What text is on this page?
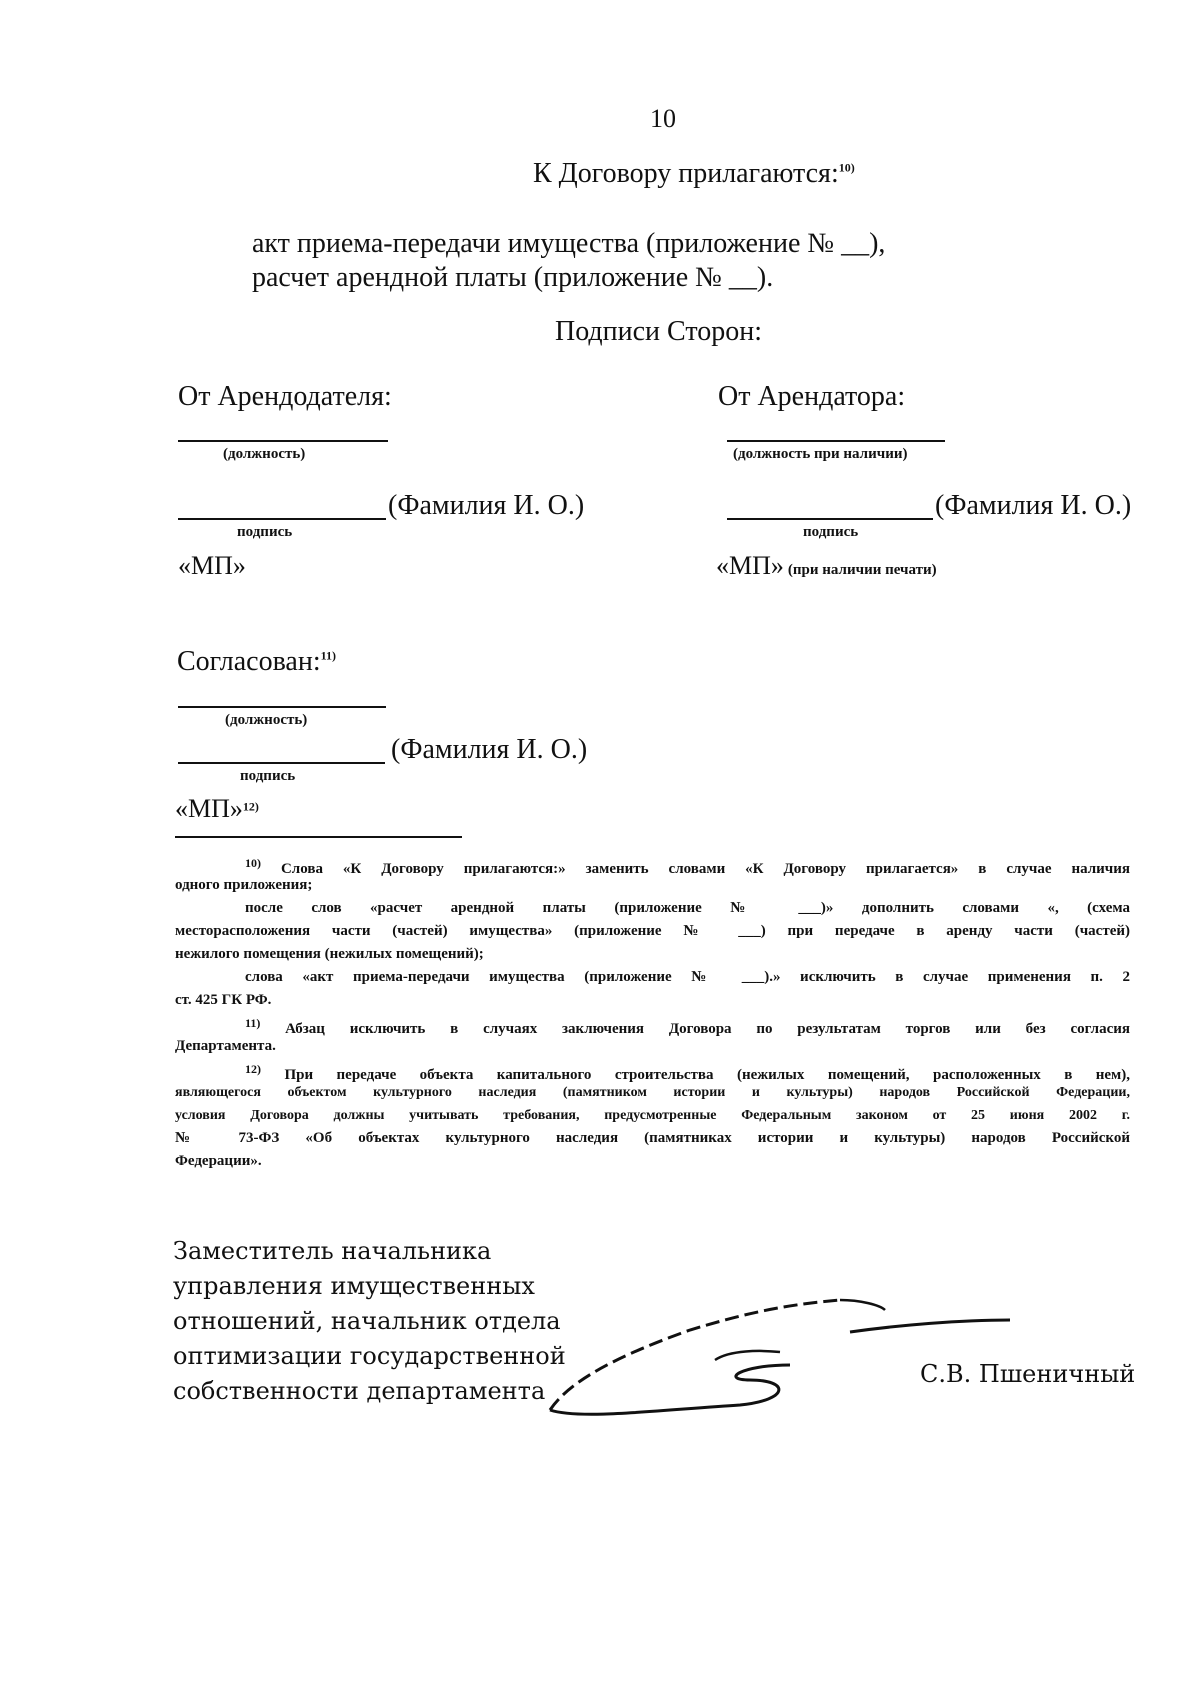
10
К Договору прилагаются:$^{10)}$
акт приема-передачи имущества (приложение № __),
расчет арендной платы (приложение № __).
Подписи Сторон:
От Арендодателя:
(должность)
(Фамилия И. О.)
подпись
«МП»
От Арендатора:
(должность при наличии)
(Фамилия И. О.)
подпись
«МП» (при наличии печати)
Согласован:$^{11)}$
(должность)
(Фамилия И. О.)
подпись
«МП»$^{12)}$
$^{10)}$ Слова «К Договору прилагаются:» заменить словами «К Договору прилагается» в случае наличия
одного приложения;
после слов «расчет арендной платы (приложение № ___)» дополнить словами «, (схема
месторасположения части (частей) имущества» (приложение № ___) при передаче в аренду части (частей)
нежилого помещения (нежилых помещений);
слова «акт приема-передачи имущества (приложение № ___).» исключить в случае применения п. 2
ст. 425 ГК РФ.
$^{11)}$ Абзац исключить в случаях заключения Договора по результатам торгов или без согласия
Департамента.
$^{12)}$ При передаче объекта капитального строительства (нежилых помещений, расположенных в нем),
являющегося объектом культурного наследия (памятником истории и культуры) народов Российской Федерации,
условия Договора должны учитывать требования, предусмотренные Федеральным законом от 25 июня 2002 г.
№ 73-ФЗ «Об объектах культурного наследия (памятниках истории и культуры) народов Российской
Федерации».
Заместитель начальника
управления имущественных
отношений, начальник отдела
оптимизации государственной
собственности департамента
С.В. Пшеничный
